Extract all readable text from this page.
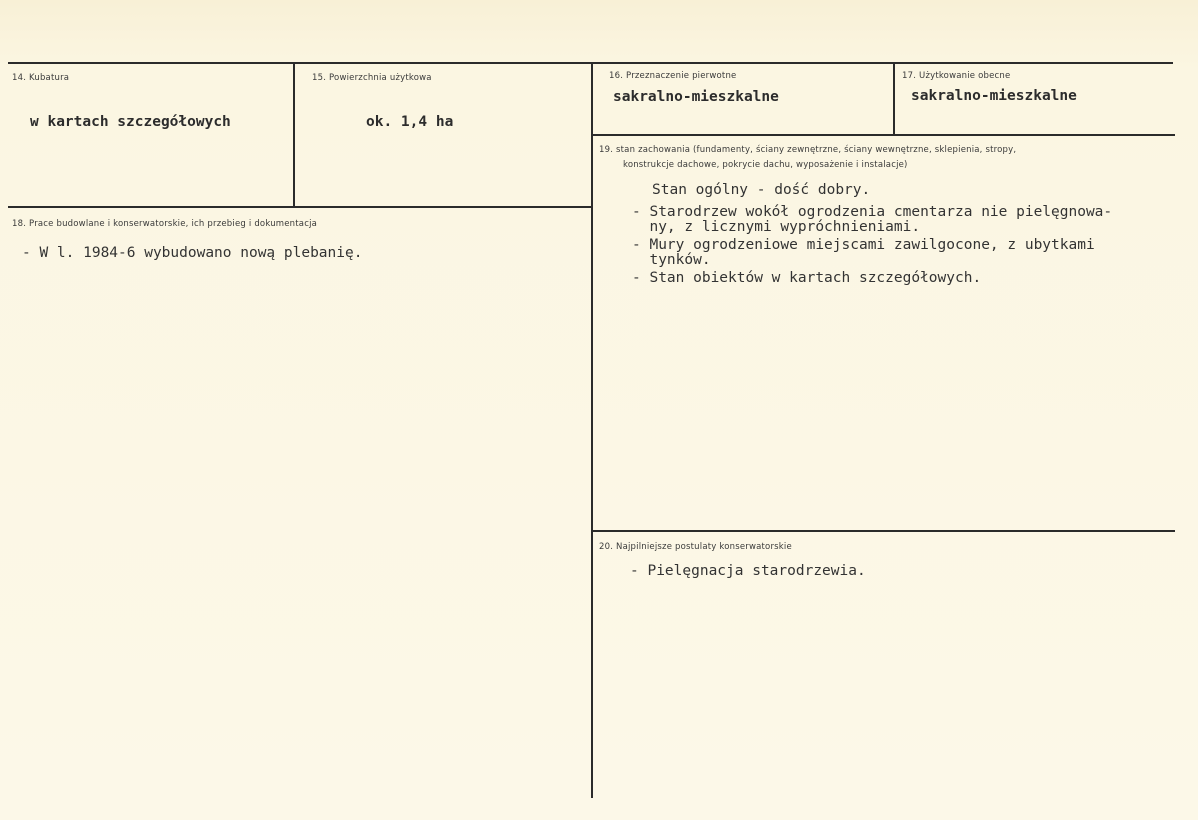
14. Kubatura
w kartach szczegółowych
15. Powierzchnia użytkowa
ok. 1,4 ha
16. Przeznaczenie pierwotne
sakralno-mieszkalne
17. Użytkowanie obecne
sakralno-mieszkalne
18. Prace budowlane i konserwatorskie, ich przebieg i dokumentacja
- W l. 1984-6 wybudowano nową plebanię.
19. stan zachowania (fundamenty, ściany zewnętrzne, ściany wewnętrzne, sklepienia, stropy,
konstrukcje dachowe, pokrycie dachu, wyposażenie i instalacje)
Stan ogólny - dość dobry.
- Starodrzew wokół ogrodzenia cmentarza nie pielęgnowa-
ny, z licznymi wypróchnieniami.
- Mury ogrodzeniowe miejscami zawilgocone, z ubytkami
tynków.
- Stan obiektów w kartach szczegółowych.
20. Najpilniejsze postulaty konserwatorskie
- Pielęgnacja starodrzewia.
